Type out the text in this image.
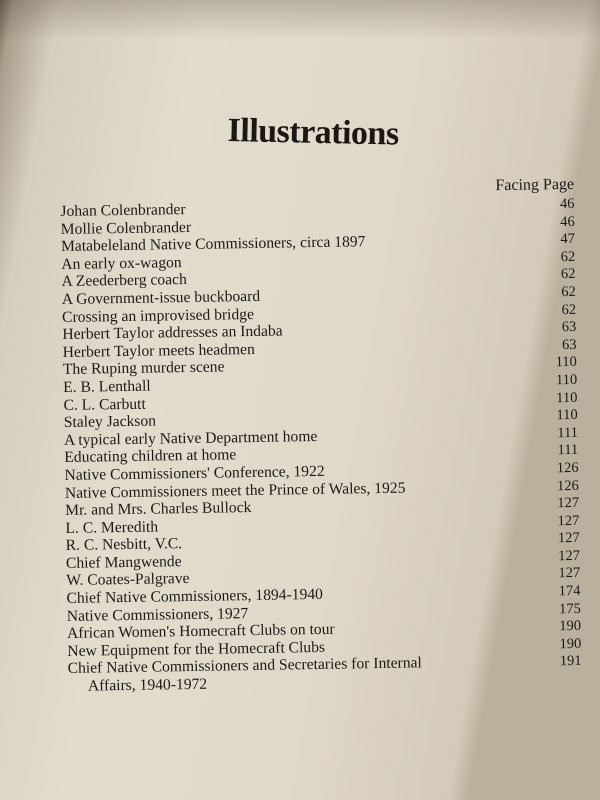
Illustrations
Facing Page
Johan Colenbrander	46
Mollie Colenbrander	46
Matabeleland Native Commissioners, circa 1897	47
An early ox-wagon	62
A Zeederberg coach	62
A Government-issue buckboard	62
Crossing an improvised bridge	62
Herbert Taylor addresses an Indaba	63
Herbert Taylor meets headmen	63
The Ruping murder scene	110
E. B. Lenthall	110
C. L. Carbutt	110
Staley Jackson	110
A typical early Native Department home	111
Educating children at home	111
Native Commissioners' Conference, 1922	126
Native Commissioners meet the Prince of Wales, 1925	126
Mr. and Mrs. Charles Bullock	127
L. C. Meredith	127
R. C. Nesbitt, V.C.	127
Chief Mangwende	127
W. Coates-Palgrave	127
Chief Native Commissioners, 1894-1940	174
Native Commissioners, 1927	175
African Women's Homecraft Clubs on tour	190
New Equipment for the Homecraft Clubs	190
Chief Native Commissioners and Secretaries for Internal	191
Affairs, 1940-1972
